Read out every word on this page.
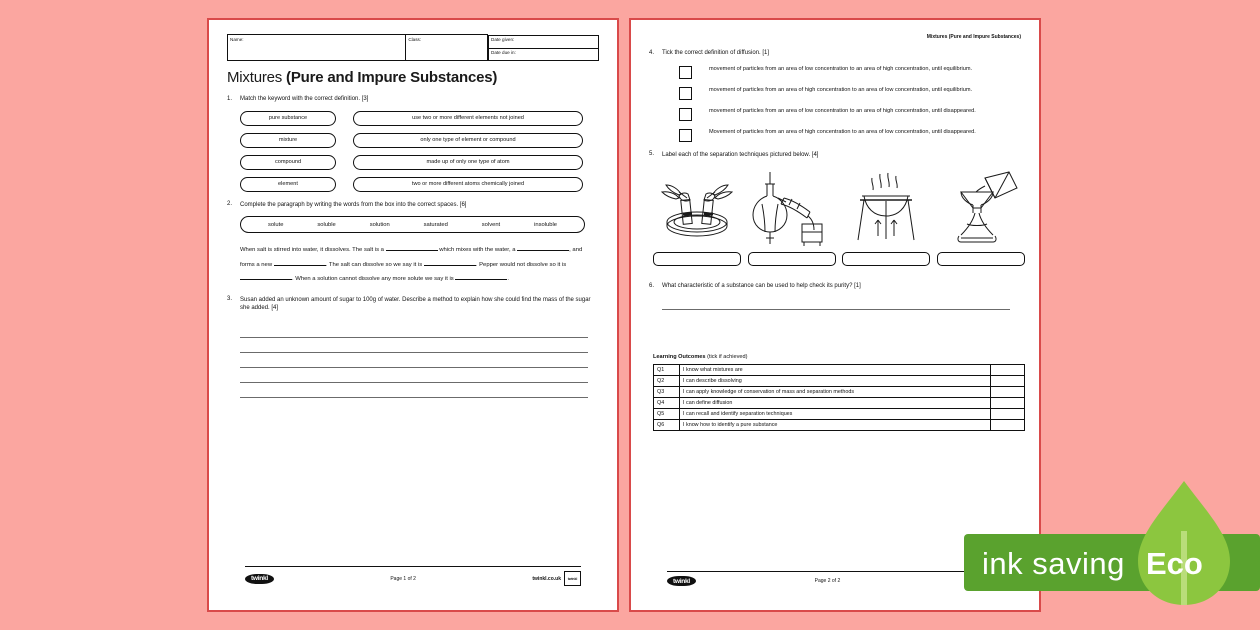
Name:	Class:	Date given:
Date due in:
Mixtures (Pure and Impure Substances)
1.	Match the keyword with the correct definition. [3]
pure substance	use two or more different elements not joined
mixture	only one type of element or compound
compound	made up of only one type of atom
element	two or more different atoms chemically joined
2.	Complete the paragraph by writing the words from the box into the correct spaces. [6]
solute	soluble	solution	saturated	solvent	insoluble
When salt is stirred into water, it dissolves. The salt is a	which mixes with the water, a	, and forms a new	. The salt can dissolve so we say it is	. Pepper would not dissolve so it is . When a solution cannot dissolve any more solute we say it is	.
3.	Susan added an unknown amount of sugar to 100g of water. Describe a method to explain how she could find the mass of the sugar she added. [4]
twinkl	Page 1 of 2	twinkl.co.uk twinkl
Mixtures (Pure and Impure Substances)
4.	Tick the correct definition of diffusion. [1]
movement of particles from an area of low concentration to an area of high concentration, until equilibrium.
movement of particles from an area of high concentration to an area of low concentration, until equilibrium.
movement of particles from an area of low concentration to an area of high concentration, until disappeared.
Movement of particles from an area of high concentration to an area of low concentration, until disappeared.
5.	Label each of the separation techniques pictured below. [4]
6.	What characteristic of a substance can be used to help check its purity? [1]
Learning Outcomes (tick if achieved)
Q1	I know what mixtures are	
Q2	I can describe dissolving	
Q3	I can apply knowledge of conservation of mass and separation methods	
Q4	I can define diffusion	
Q5	I can recall and identify separation techniques	
Q6	I know how to identify a pure substance	
twinkl	Page 2 of 2	ink saving Eco
